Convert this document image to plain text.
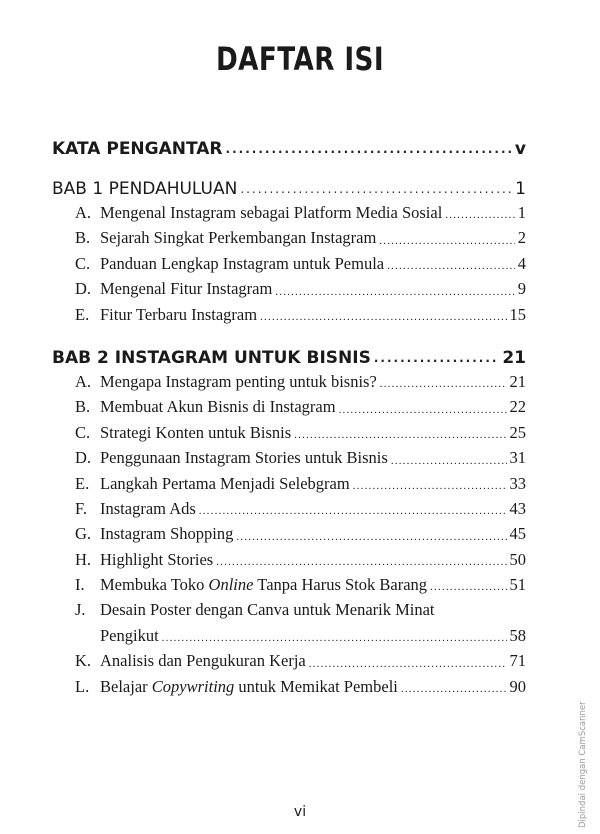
DAFTAR ISI
KATA PENGANTAR .....	v
BAB 1 PENDAHULUAN .....	1
A. Mengenal Instagram sebagai Platform Media Sosial .....	1
B. Sejarah Singkat Perkembangan Instagram .....	2
C. Panduan Lengkap Instagram untuk Pemula .....	4
D. Mengenal Fitur Instagram .....	9
E. Fitur Terbaru Instagram .....	15
BAB 2 INSTAGRAM UNTUK BISNIS .....	21
A. Mengapa Instagram penting untuk bisnis? .....	21
B. Membuat Akun Bisnis di Instagram .....	22
C. Strategi Konten untuk Bisnis .....	25
D. Penggunaan Instagram Stories untuk Bisnis .....	31
E. Langkah Pertama Menjadi Selebgram .....	33
F. Instagram Ads .....	43
G. Instagram Shopping .....	45
H. Highlight Stories .....	50
I. Membuka Toko Online Tanpa Harus Stok Barang .....	51
J. Desain Poster dengan Canva untuk Menarik Minat
Pengikut .....	58
K. Analisis dan Pengukuran Kerja .....	71
L. Belajar Copywriting untuk Memikat Pembeli .....	90
vi	Dipindai dengan CamScanner
